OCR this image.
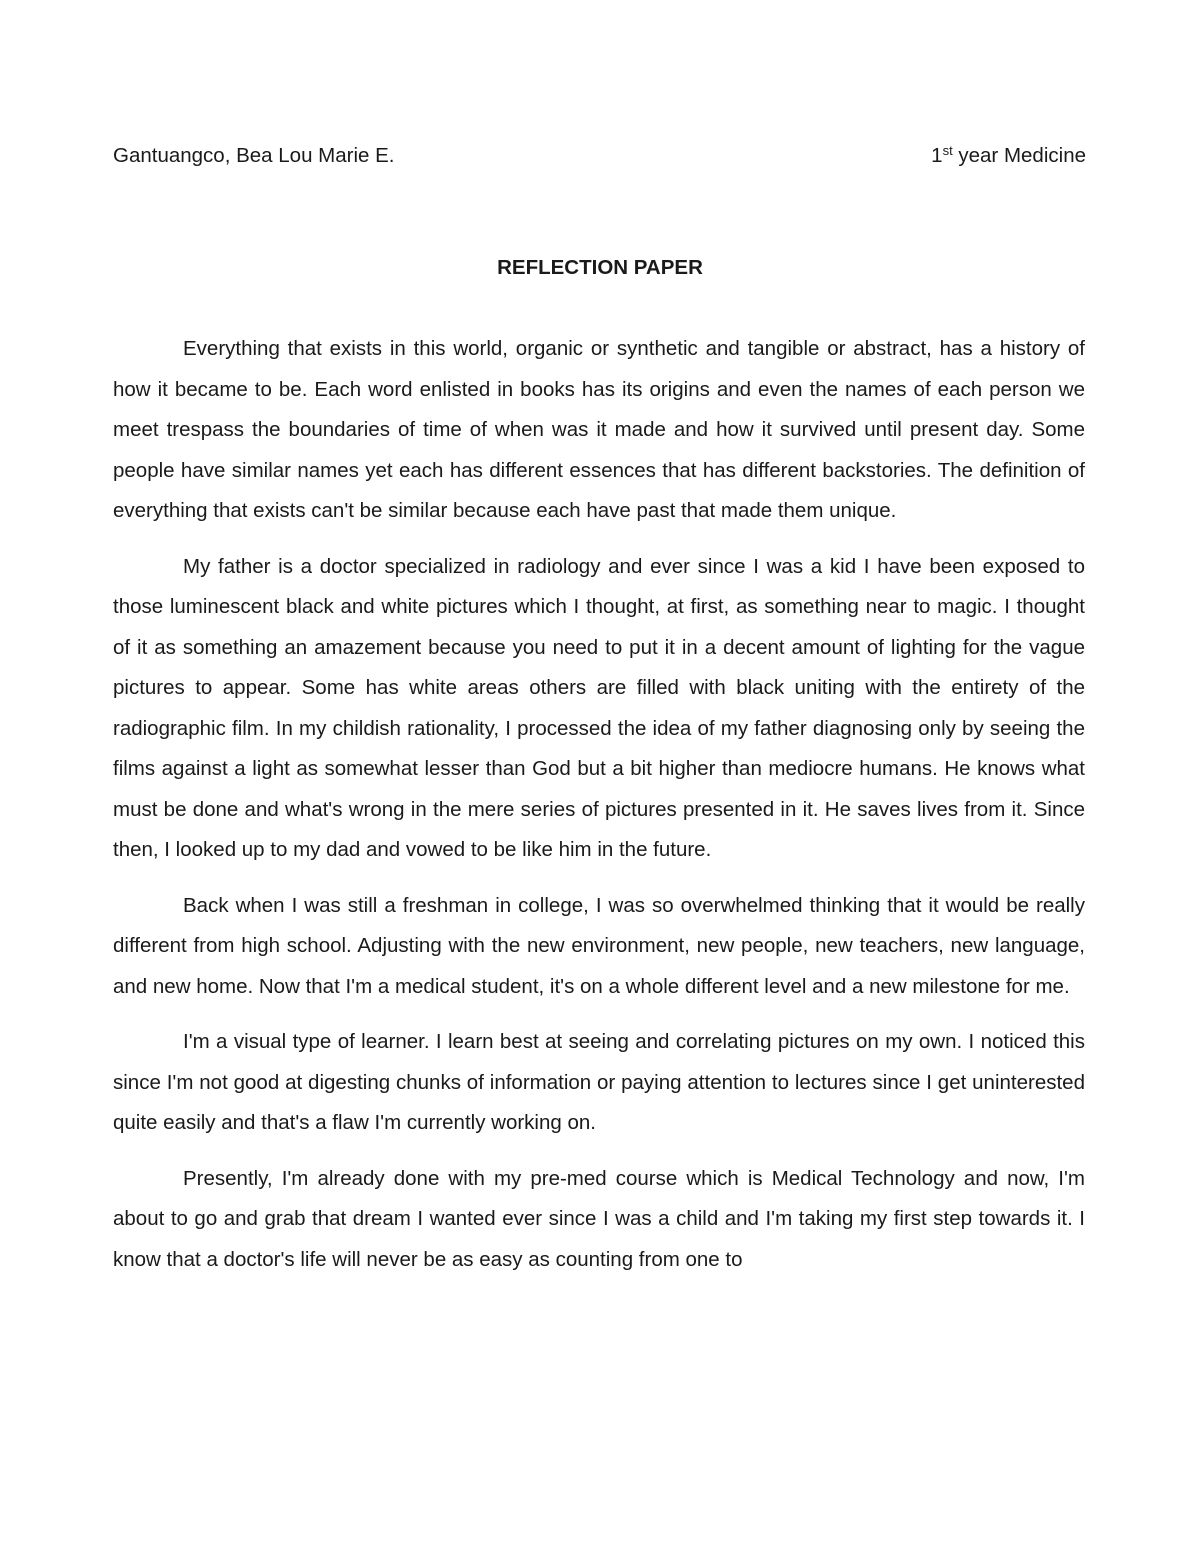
Gantuangco, Bea Lou Marie E.	1st year Medicine
REFLECTION PAPER

Everything that exists in this world, organic or synthetic and tangible or abstract, has a history of how it became to be. Each word enlisted in books has its origins and even the names of each person we meet trespass the boundaries of time of when was it made and how it survived until present day. Some people have similar names yet each has different essences that has different backstories. The definition of everything that exists can't be similar because each have past that made them unique.

My father is a doctor specialized in radiology and ever since I was a kid I have been exposed to those luminescent black and white pictures which I thought, at first, as something near to magic. I thought of it as something an amazement because you need to put it in a decent amount of lighting for the vague pictures to appear. Some has white areas others are filled with black uniting with the entirety of the radiographic film. In my childish rationality, I processed the idea of my father diagnosing only by seeing the films against a light as somewhat lesser than God but a bit higher than mediocre humans. He knows what must be done and what's wrong in the mere series of pictures presented in it. He saves lives from it. Since then, I looked up to my dad and vowed to be like him in the future.

Back when I was still a freshman in college, I was so overwhelmed thinking that it would be really different from high school. Adjusting with the new environment, new people, new teachers, new language, and new home. Now that I'm a medical student, it's on a whole different level and a new milestone for me.

I'm a visual type of learner. I learn best at seeing and correlating pictures on my own. I noticed this since I'm not good at digesting chunks of information or paying attention to lectures since I get uninterested quite easily and that's a flaw I'm currently working on.

Presently, I'm already done with my pre-med course which is Medical Technology and now, I'm about to go and grab that dream I wanted ever since I was a child and I'm taking my first step towards it. I know that a doctor's life will never be as easy as counting from one to
